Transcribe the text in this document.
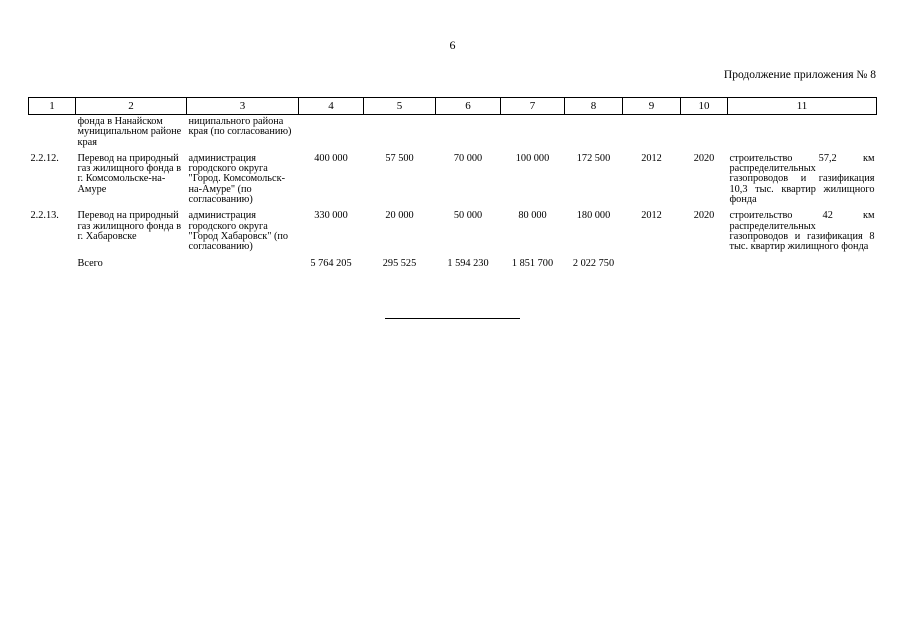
6
Продолжение приложения № 8
1	2	3	4	5	6	7	8	9	10	11
	фонда в Нанайском муниципальном районе края	ниципального района края (по согласованию)								
2.2.12.	Перевод на природный газ жилищного фонда в г. Комсомольске-на-Амуре	администрация городского округа "Город. Комсомольск-на-Амуре" (по согласованию)	400 000	57 500	70 000	100 000	172 500	2012	2020	строительство 57,2 км распределительных газопроводов и газификация 10,3 тыс. квартир жилищного фонда
2.2.13.	Перевод на природный газ жилищного фонда в г. Хабаровске	администрация городского округа "Город Хабаровск" (по согласованию)	330 000	20 000	50 000	80 000	180 000	2012	2020	строительство 42 км распределительных газопроводов и газификация 8 тыс. квартир жилищного фонда
	Всего		5 764 205	295 525	1 594 230	1 851 700	2 022 750			
